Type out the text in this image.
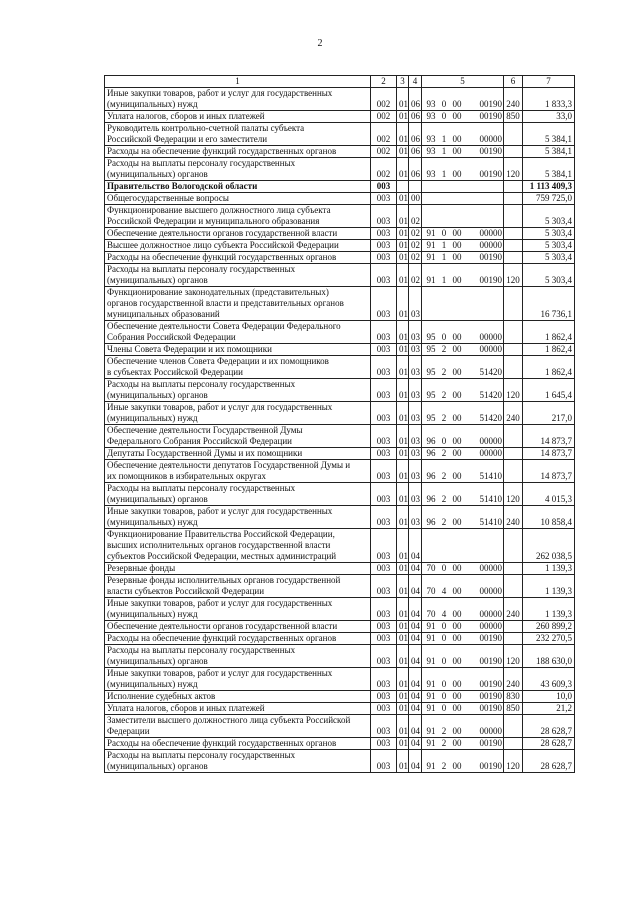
2
1	2	3	4	5	6	7

Иные закупки товаров, работ и услуг для государственных
(муниципальных) нужд	002	01	06	93 0 00 00190	240	1 833,3

Уплата налогов, сборов и иных платежей	002	01	06	93 0 00 00190	850	33,0

Руководитель контрольно-счетной палаты субъекта
Российской Федерации и его заместители	002	01	06	93 1 00 00000		5 384,1

Расходы на обеспечение функций государственных органов	002	01	06	93 1 00 00190		5 384,1

Расходы на выплаты персоналу государственных
(муниципальных) органов	002	01	06	93 1 00 00190	120	5 384,1

Правительство Вологодской области	003					1 113 409,3

Общегосударственные вопросы	003	01	00			759 725,0

Функционирование высшего должностного лица субъекта
Российской Федерации и муниципального образования	003	01	02			5 303,4

Обеспечение деятельности органов государственной власти	003	01	02	91 0 00 00000		5 303,4

Высшее должностное лицо субъекта Российской Федерации	003	01	02	91 1 00 00000		5 303,4

Расходы на обеспечение функций государственных органов	003	01	02	91 1 00 00190		5 303,4

Расходы на выплаты персоналу государственных
(муниципальных) органов	003	01	02	91 1 00 00190	120	5 303,4

Функционирование законодательных (представительных)
органов государственной власти и представительных органов
муниципальных образований	003	01	03			16 736,1

Обеспечение деятельности Совета Федерации Федерального
Собрания Российской Федерации	003	01	03	95 0 00 00000		1 862,4

Члены Совета Федерации и их помощники	003	01	03	95 2 00 00000		1 862,4

Обеспечение членов Совета Федерации и их помощников
в субъектах Российской Федерации	003	01	03	95 2 00 51420		1 862,4

Расходы на выплаты персоналу государственных
(муниципальных) органов	003	01	03	95 2 00 51420	120	1 645,4

Иные закупки товаров, работ и услуг для государственных
(муниципальных) нужд	003	01	03	95 2 00 51420	240	217,0

Обеспечение деятельности Государственной Думы
Федерального Собрания Российской Федерации	003	01	03	96 0 00 00000		14 873,7

Депутаты Государственной Думы и их помощники	003	01	03	96 2 00 00000		14 873,7

Обеспечение деятельности депутатов Государственной Думы и
их помощников в избирательных округах	003	01	03	96 2 00 51410		14 873,7

Расходы на выплаты персоналу государственных
(муниципальных) органов	003	01	03	96 2 00 51410	120	4 015,3

Иные закупки товаров, работ и услуг для государственных
(муниципальных) нужд	003	01	03	96 2 00 51410	240	10 858,4

Функционирование Правительства Российской Федерации,
высших исполнительных органов государственной власти
субъектов Российской Федерации, местных администраций	003	01	04			262 038,5

Резервные фонды	003	01	04	70 0 00 00000		1 139,3

Резервные фонды исполнительных органов государственной
власти субъектов Российской Федерации	003	01	04	70 4 00 00000		1 139,3

Иные закупки товаров, работ и услуг для государственных
(муниципальных) нужд	003	01	04	70 4 00 00000	240	1 139,3

Обеспечение деятельности органов государственной власти	003	01	04	91 0 00 00000		260 899,2

Расходы на обеспечение функций государственных органов	003	01	04	91 0 00 00190		232 270,5

Расходы на выплаты персоналу государственных
(муниципальных) органов	003	01	04	91 0 00 00190	120	188 630,0

Иные закупки товаров, работ и услуг для государственных
(муниципальных) нужд	003	01	04	91 0 00 00190	240	43 609,3

Исполнение судебных актов	003	01	04	91 0 00 00190	830	10,0

Уплата налогов, сборов и иных платежей	003	01	04	91 0 00 00190	850	21,2

Заместители высшего должностного лица субъекта Российской
Федерации	003	01	04	91 2 00 00000		28 628,7

Расходы на обеспечение функций государственных органов	003	01	04	91 2 00 00190		28 628,7

Расходы на выплаты персоналу государственных
(муниципальных) органов	003	01	04	91 2 00 00190	120	28 628,7
